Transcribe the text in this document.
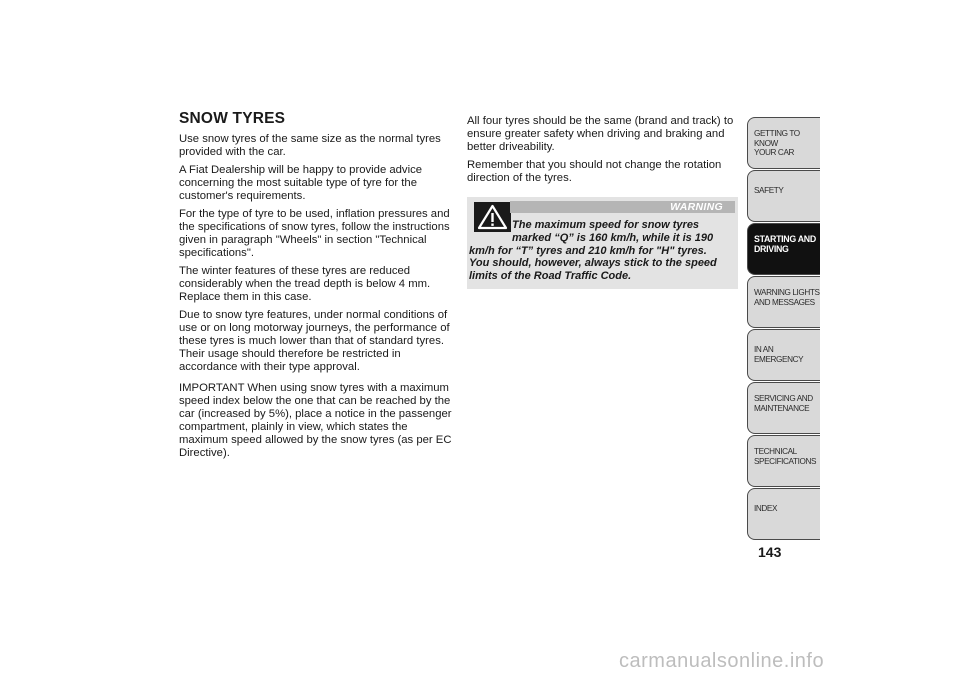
SNOW TYRES

Use snow tyres of the same size as the normal tyres provided with the car.

A Fiat Dealership will be happy to provide advice concerning the most suitable type of tyre for the customer's requirements.

For the type of tyre to be used, inflation pressures and the specifications of snow tyres, follow the instructions given in paragraph "Wheels" in section "Technical specifications".

The winter features of these tyres are reduced considerably when the tread depth is below 4 mm. Replace them in this case.

Due to snow tyre features, under normal conditions of use or on long motorway journeys, the performance of these tyres is much lower than that of standard tyres. Their usage should therefore be restricted in accordance with their type approval.

IMPORTANT When using snow tyres with a maximum speed index below the one that can be reached by the car (increased by 5%), place a notice in the passenger compartment, plainly in view, which states the maximum speed allowed by the snow tyres (as per EC Directive).

All four tyres should be the same (brand and track) to ensure greater safety when driving and braking and better driveability.

Remember that you should not change the rotation direction of the tyres.

WARNING
The maximum speed for snow tyres
marked “Q” is 160 km/h, while it is 190
km/h for “T” tyres and 210 km/h for "H" tyres.
You should, however, always stick to the speed
limits of the Road Traffic Code.
GETTING TO KNOW
YOUR CAR
SAFETY
STARTING AND
DRIVING
WARNING LIGHTS
AND MESSAGES
IN AN EMERGENCY
SERVICING AND
MAINTENANCE
TECHNICAL
SPECIFICATIONS
INDEX
143
carmanualsonline.info
